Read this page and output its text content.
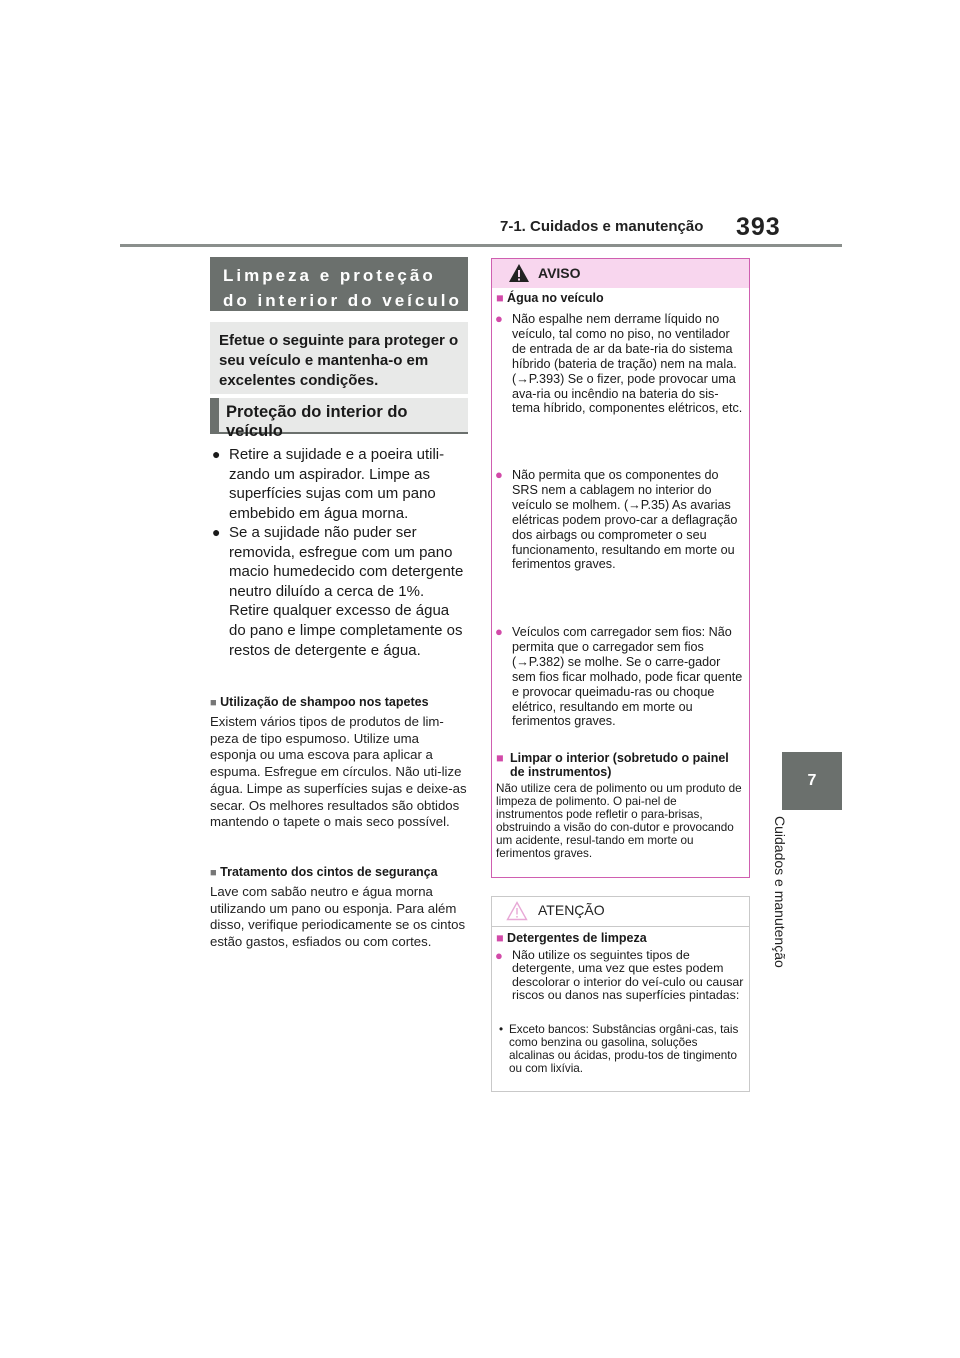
7-1. Cuidados e manutenção 393
7
Cuidados e manutenção
Limpeza e proteção do interior do veículo
Efetue o seguinte para proteger o seu veículo e mantenha-o em excelentes condições.
Proteção do interior do veículo
● Retire a sujidade e a poeira utili-zando um aspirador. Limpe as superfícies sujas com um pano embebido em água morna.
● Se a sujidade não puder ser removida, esfregue com um pano macio humedecido com detergente neutro diluído a cerca de 1%. Retire qualquer excesso de água do pano e limpe completamente os restos de detergente e água.
■ Utilização de shampoo nos tapetes
Existem vários tipos de produtos de lim-peza de tipo espumoso. Utilize uma esponja ou uma escova para aplicar a espuma. Esfregue em círculos. Não uti-lize água. Limpe as superfícies sujas e deixe-as secar. Os melhores resultados são obtidos mantendo o tapete o mais seco possível.
■ Tratamento dos cintos de segurança
Lave com sabão neutro e água morna utilizando um pano ou esponja. Para além disso, verifique periodicamente se os cintos estão gastos, esfiados ou com cortes.
AVISO
■ Água no veículo
● Não espalhe nem derrame líquido no veículo, tal como no piso, no ventilador de entrada de ar da bate-ria do sistema híbrido (bateria de tração) nem na mala. (→P.393) Se o fizer, pode provocar uma ava-ria ou incêndio na bateria do sis-tema híbrido, componentes elétricos, etc.
● Não permita que os componentes do SRS nem a cablagem no interior do veículo se molhem. (→P.35) As avarias elétricas podem provo-car a deflagração dos airbags ou comprometer o seu funcionamento, resultando em morte ou ferimentos graves.
● Veículos com carregador sem fios: Não permita que o carregador sem fios (→P.382) se molhe. Se o carre-gador sem fios ficar molhado, pode ficar quente e provocar queimadu-ras ou choque elétrico, resultando em morte ou ferimentos graves.
■ Limpar o interior (sobretudo o painel de instrumentos)
Não utilize cera de polimento ou um produto de limpeza de polimento. O pai-nel de instrumentos pode refletir o para-brisas, obstruindo a visão do con-dutor e provocando um acidente, resul-tando em morte ou ferimentos graves.
ATENÇÃO
■ Detergentes de limpeza
● Não utilize os seguintes tipos de detergente, uma vez que estes podem descolorar o interior do veí-culo ou causar riscos ou danos nas superfícies pintadas:
• Exceto bancos: Substâncias orgâni-cas, tais como benzina ou gasolina, soluções alcalinas ou ácidas, produ-tos de tingimento ou com lixívia.
